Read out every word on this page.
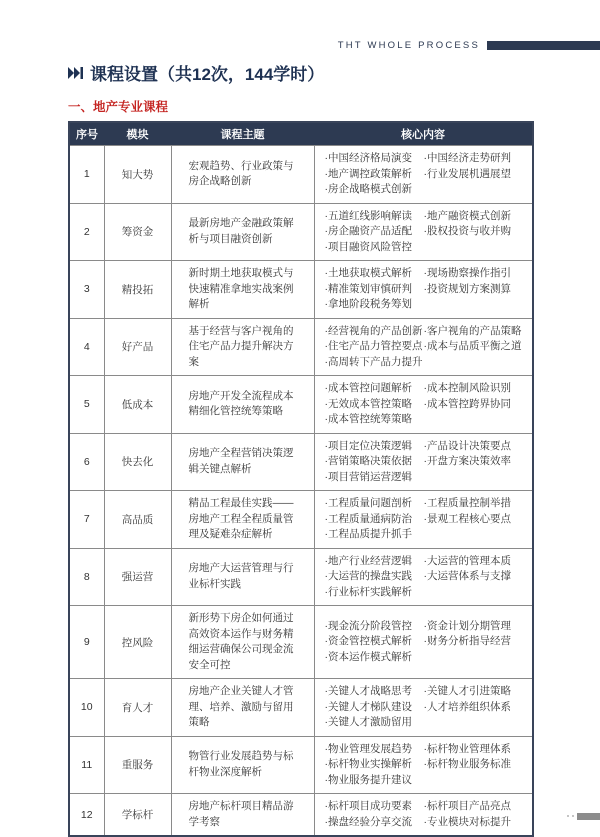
THT WHOLE PROCESS
课程设置（共12次，144学时）
一、地产专业课程
序号	模块	课程主题	核心内容
1	知大势	宏观趋势、行业政策与房企战略创新	·中国经济格局演变
·地产调控政策解析
·房企战略模式创新
·中国经济走势研判
·行业发展机遇展望

2	筹资金	最新房地产金融政策解析与项目融资创新	·五道红线影响解读
·房企融资产品适配
·项目融资风险管控
·地产融资模式创新
·股权投资与收并购

3	精投拓	新时期土地获取模式与快速精准拿地实战案例解析	·土地获取模式解析
·精准策划审慎研判
·拿地阶段税务筹划
·现场勘察操作指引
·投资规划方案测算

4	好产品	基于经营与客户视角的住宅产品力提升解决方案	·经营视角的产品创新
·住宅产品力管控要点
·高周转下产品力提升
·客户视角的产品策略
·成本与品质平衡之道

5	低成本	房地产开发全流程成本精细化管控统筹策略	·成本管控问题解析
·无效成本管控策略
·成本管控统筹策略
·成本控制风险识别
·成本管控跨界协同

6	快去化	房地产全程营销决策逻辑关键点解析	·项目定位决策逻辑
·营销策略决策依据
·项目营销运营逻辑
·产品设计决策要点
·开盘方案决策效率

7	高品质	精品工程最佳实践——房地产工程全程质量管理及疑难杂症解析	·工程质量问题剖析
·工程质量通病防治
·工程品质提升抓手
·工程质量控制举措
·景观工程核心要点

8	强运营	房地产大运营管理与行业标杆实践	·地产行业经营逻辑
·大运营的操盘实践
·行业标杆实践解析
·大运营的管理本质
·大运营体系与支撑

9	控风险	新形势下房企如何通过高效资本运作与财务精细运营确保公司现金流安全可控	·现金流分阶段管控
·资金管控模式解析
·资本运作模式解析
·资金计划分期管理
·财务分析指导经营

10	育人才	房地产企业关键人才管理、培养、激励与留用策略	·关键人才战略思考
·关键人才梯队建设
·关键人才激励留用
·关键人才引进策略
·人才培养组织体系

11	重服务	物管行业发展趋势与标杆物业深度解析	·物业管理发展趋势
·标杆物业实操解析
·物业服务提升建议
·标杆物业管理体系
·标杆物业服务标准

12	学标杆	房地产标杆项目精品游学考察	·标杆项目成功要素
·操盘经验分享交流
·标杆项目产品亮点
·专业模块对标提升
